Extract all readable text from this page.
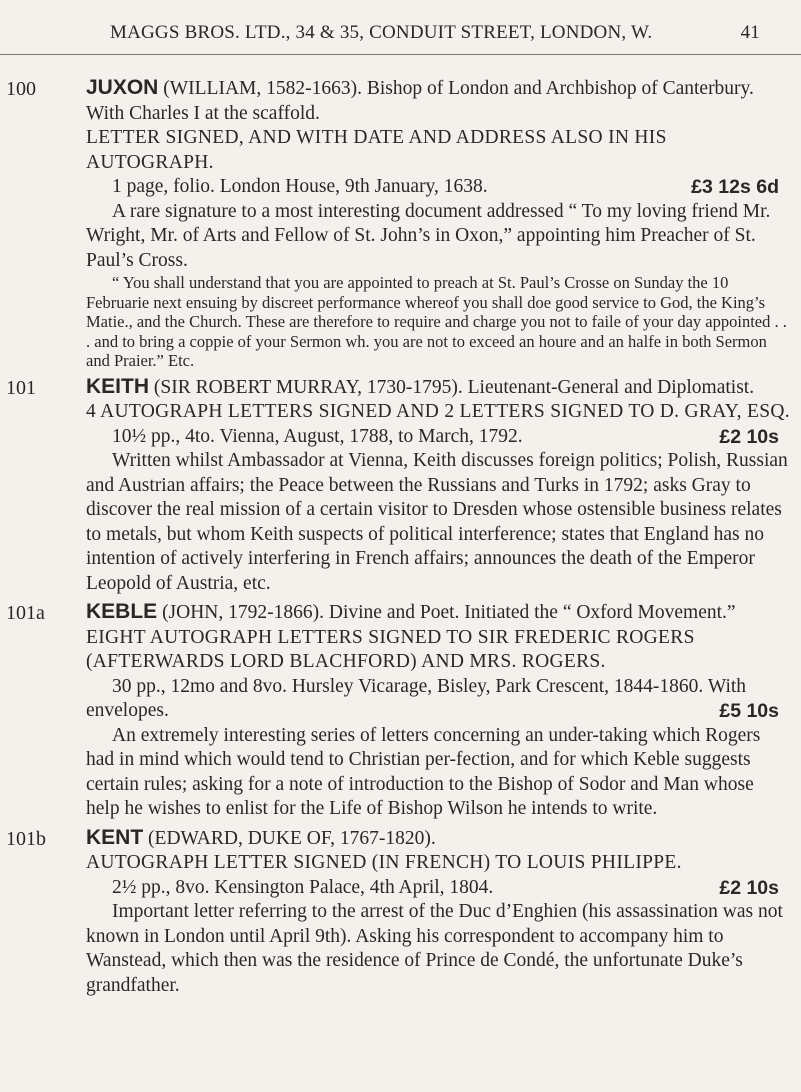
MAGGS BROS. LTD., 34 & 35, CONDUIT STREET, LONDON, W.	41
100 JUXON (WILLIAM, 1582-1663). Bishop of London and Archbishop of Canterbury. With Charles I at the scaffold.
LETTER SIGNED, AND WITH DATE AND ADDRESS ALSO IN HIS AUTOGRAPH.
1 page, folio. London House, 9th January, 1638.	£3 12s 6d
A rare signature to a most interesting document addressed “ To my loving friend Mr. Wright, Mr. of Arts and Fellow of St. John’s in Oxon,” appointing him Preacher of St. Paul’s Cross.
“ You shall understand that you are appointed to preach at St. Paul’s Crosse on Sunday the 10 Februarie next ensuing by discreet performance whereof you shall doe good service to God, the King’s Matie., and the Church. These are therefore to require and charge you not to faile of your day appointed . . . and to bring a coppie of your Sermon wh. you are not to exceed an houre and an halfe in both Sermon and Praier.” Etc.
101 KEITH (SIR ROBERT MURRAY, 1730-1795). Lieutenant-General and Diplomatist.
4 AUTOGRAPH LETTERS SIGNED AND 2 LETTERS SIGNED TO D. GRAY, ESQ.
10½ pp., 4to. Vienna, August, 1788, to March, 1792.	£2 10s
Written whilst Ambassador at Vienna, Keith discusses foreign politics; Polish, Russian and Austrian affairs; the Peace between the Russians and Turks in 1792; asks Gray to discover the real mission of a certain visitor to Dresden whose ostensible business relates to metals, but whom Keith suspects of political interference; states that England has no intention of actively interfering in French affairs; announces the death of the Emperor Leopold of Austria, etc.
101a KEBLE (JOHN, 1792-1866). Divine and Poet. Initiated the “ Oxford Movement.”
EIGHT AUTOGRAPH LETTERS SIGNED TO SIR FREDERIC ROGERS (AFTERWARDS LORD BLACHFORD) AND MRS. ROGERS.
30 pp., 12mo and 8vo. Hursley Vicarage, Bisley, Park Crescent, 1844-1860. With envelopes.	£5 10s
An extremely interesting series of letters concerning an under-taking which Rogers had in mind which would tend to Christian per-fection, and for which Keble suggests certain rules; asking for a note of introduction to the Bishop of Sodor and Man whose help he wishes to enlist for the Life of Bishop Wilson he intends to write.
101b KENT (EDWARD, DUKE OF, 1767-1820).
AUTOGRAPH LETTER SIGNED (IN FRENCH) TO LOUIS PHILIPPE.
2½ pp., 8vo. Kensington Palace, 4th April, 1804.	£2 10s
Important letter referring to the arrest of the Duc d’Enghien (his assassination was not known in London until April 9th). Asking his correspondent to accompany him to Wanstead, which then was the residence of Prince de Condé, the unfortunate Duke’s grandfather.
